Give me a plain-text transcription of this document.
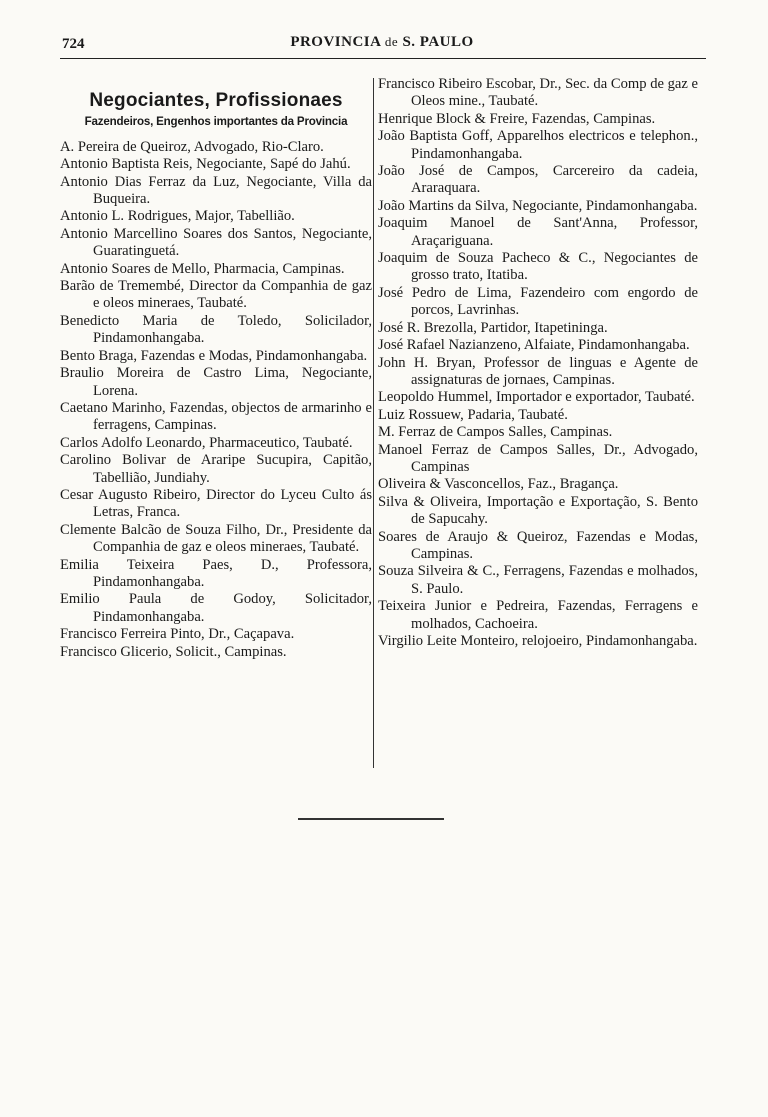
724	PROVINCIA de S. PAULO
Negociantes, Profissionaes
Fazendeiros, Engenhos importantes da Provincia

A. Pereira de Queiroz, Advogado, Rio-Claro.

Antonio Baptista Reis, Negociante, Sapé do Jahú.

Antonio Dias Ferraz da Luz, Negociante, Villa da Buqueira.

Antonio L. Rodrigues, Major, Tabellião.

Antonio Marcellino Soares dos Santos, Negociante, Guaratinguetá.

Antonio Soares de Mello, Pharmacia, Campinas.

Barão de Tremembé, Director da Companhia de gaz e oleos mineraes, Taubaté.

Benedicto Maria de Toledo, Solicilador, Pindamonhangaba.

Bento Braga, Fazendas e Modas, Pindamonhangaba.

Braulio Moreira de Castro Lima, Negociante, Lorena.

Caetano Marinho, Fazendas, objectos de armarinho e ferragens, Campinas.

Carlos Adolfo Leonardo, Pharmaceutico, Taubaté.

Carolino Bolivar de Araripe Sucupira, Capitão, Tabellião, Jundiahy.

Cesar Augusto Ribeiro, Director do Lyceu Culto ás Letras, Franca.

Clemente Balcão de Souza Filho, Dr., Presidente da Companhia de gaz e oleos mineraes, Taubaté.

Emilia Teixeira Paes, D., Professora, Pindamonhangaba.

Emilio Paula de Godoy, Solicitador, Pindamonhangaba.

Francisco Ferreira Pinto, Dr., Caçapava.

Francisco Glicerio, Solicit., Campinas.

Francisco Ribeiro Escobar, Dr., Sec. da Comp de gaz e Oleos mine., Taubaté.

Henrique Block & Freire, Fazendas, Campinas.

João Baptista Goff, Apparelhos electricos e telephon., Pindamonhangaba.

João José de Campos, Carcereiro da cadeia, Araraquara.

João Martins da Silva, Negociante, Pindamonhangaba.

Joaquim Manoel de Sant'Anna, Professor, Araçariguana.

Joaquim de Souza Pacheco & C., Negociantes de grosso trato, Itatiba.

José Pedro de Lima, Fazendeiro com engordo de porcos, Lavrinhas.

José R. Brezolla, Partidor, Itapetininga.

José Rafael Nazianzeno, Alfaiate, Pindamonhangaba.

John H. Bryan, Professor de linguas e Agente de assignaturas de jornaes, Campinas.

Leopoldo Hummel, Importador e exportador, Taubaté.

Luiz Rossuew, Padaria, Taubaté.

M. Ferraz de Campos Salles, Campinas.

Manoel Ferraz de Campos Salles, Dr., Advogado, Campinas

Oliveira & Vasconcellos, Faz., Bragança.

Silva & Oliveira, Importação e Exportação, S. Bento de Sapucahy.

Soares de Araujo & Queiroz, Fazendas e Modas, Campinas.

Souza Silveira & C., Ferragens, Fazendas e molhados, S. Paulo.

Teixeira Junior e Pedreira, Fazendas, Ferragens e molhados, Cachoeira.

Virgilio Leite Monteiro, relojoeiro, Pindamonhangaba.
